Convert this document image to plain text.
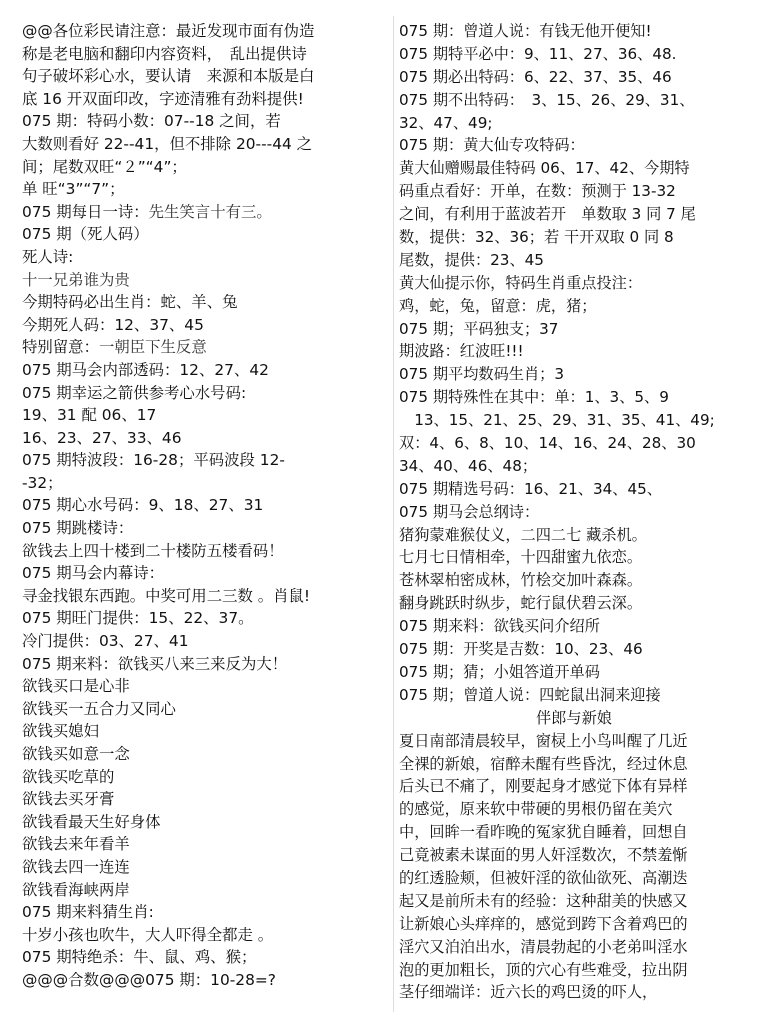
@@各位彩民请注意：最近发现市面有伪造
称是老电脑和翻印内容资料，　乱出提供诗
句子破坏彩心水，要认请　来源和本版是白
底 16 开双面印改，字迹清雅有劲料提供!
075 期：特码小数：07--18 之间，若
大数则看好 22--41，但不排除 20---44 之
间；尾数双旺“２”“4”；
单 旺“3”“7”；
075 期每日一诗：先生笑言十有三。
075 期（死人码）
死人诗:
十一兄弟谁为贵
今期特码必出生肖：蛇、羊、兔
今期死人码：12、37、45
特别留意：一朝臣下生反意
075 期马会内部透码：12、27、42
075 期幸运之箭供参考心水号码:
19、31 配 06、17
16、23、27、33、46
075 期特波段：16-28；平码波段 12-
-32；
075 期心水号码：9、18、27、31
075 期跳楼诗：
欲钱去上四十楼到二十楼防五楼看码！
075 期马会内幕诗：
寻金找银东西跑。中奖可用二三数 。肖鼠!
075 期旺门提供：15、22、37。
冷门提供：03、27、41
075 期来料：欲钱买八来三来反为大！
欲钱买口是心非
欲钱买一五合力又同心
欲钱买媳妇
欲钱买如意一念
欲钱买吃草的
欲钱去买牙膏
欲钱看最天生好身体
欲钱去来年看羊
欲钱去四一连连
欲钱看海峡两岸
075 期来料猜生肖:
十岁小孩也吹牛，大人吓得全都走 。
075 期特绝杀：牛、鼠、鸡、猴；
@@@合数@@@075 期：10-28=?
075 期：曾道人说：有钱无他开便知!
075 期特平必中：9、11、27、36、48.
075 期必出特码：6、22、37、35、46
075 期不出特码：　3、15、26、29、31、
32、47、49;
075 期：黄大仙专攻特码：
黄大仙赠赐最佳特码 06、17、42、今期特
码重点看好：开单，在数：预测于 13-32
之间，有利用于蓝波若开　单数取 3 同 7 尾
数，提供：32、36；若 干开双取 0 同 8
尾数，提供：23、45
黄大仙提示你，特码生肖重点投注：
鸡，蛇，兔，留意：虎，猪；
075 期；平码独支；37
期波路：红波旺!!!
075 期平均数码生肖；3
075 期特殊性在其中：单：1、3、5、9
　13、15、21、25、29、31、35、41、49;
双：4、6、8、10、14、16、24、28、30
34、40、46、48；
075 期精选号码：16、21、34、45、
075 期马会总纲诗：
猪狗蒙难猴仗义，二四二七 藏杀机。
七月七日情相牵，十四甜蜜九依恋。
苍林翠柏密成林，竹桧交加叶森森。
翻身跳跃时纵步，蛇行鼠伏碧云深。
075 期来料：欲钱买问介绍所
075 期：开奖是吉数：10、23、46
075 期；猜；小姐答道开单码
075 期；曾道人说：四蛇鼠出洞来迎接
伴郎与新娘
夏日南部清晨较早，窗棂上小鸟叫醒了几近
全裸的新娘，宿醉未醒有些昏沈，经过休息
后头已不痛了，刚要起身才感觉下体有异样
的感觉，原来软中带硬的男根仍留在美穴
中，回眸一看昨晚的冤家犹自睡着，回想自
己竟被素未谋面的男人奸淫数次，不禁羞惭
的红透脸颊，但被奸淫的欲仙欲死、高潮迭
起又是前所未有的经验：这种甜美的快感又
让新娘心头痒痒的，感觉到跨下含着鸡巴的
淫穴又泊泊出水，清晨勃起的小老弟叫淫水
泡的更加粗长，顶的穴心有些难受，拉出阴
茎仔细端详：近六长的鸡巴烫的吓人，
